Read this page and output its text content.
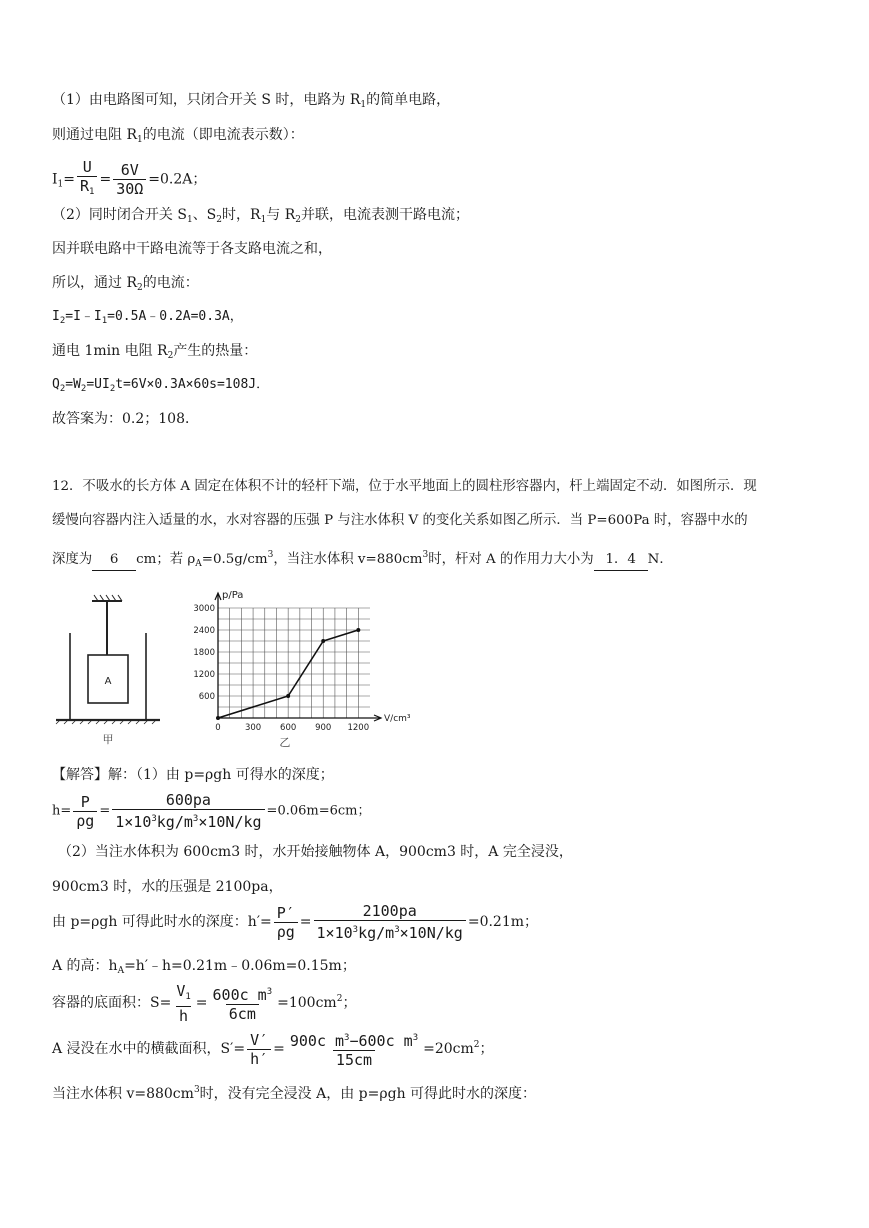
（1）由电路图可知，只闭合开关 S 时，电路为 $R_1$的简单电路，
则通过电阻 $R_1$的电流（即电流表示数）：
$I_1= \frac{U}{R_1} = \frac{6V}{30\Omega} =0.2A$；
（2）同时闭合开关 $S_1$、$S_2$时，$R_1$与 $R_2$并联，电流表测干路电流；
因并联电路中干路电流等于各支路电流之和，
所以，通过 $R_2$的电流：
$I_2=I﹣I_1=0.5A﹣0.2A=0.3A$，
通电 1min 电阻 $R_2$产生的热量：
$Q_2=W_2=UI_2t=6V\times 0.3A\times 60s=108J$．
故答案为：0.2；108．
12．不吸水的长方体 A 固定在体积不计的轻杆下端，位于水平地面上的圆柱形容器内，杆上端固定不动．如图所示．现
缓慢向容器内注入适量的水，水对容器的压强 P 与注水体积 V 的变化关系如图乙所示．当 P=600Pa 时，容器中水的
深度为 6 cm；若 $\rho_A=0.5g/cm^3$，当注水体积 $v=880cm^3$时，杆对 A 的作用力大小为 1．4 N．
A
甲
0	300 600 900 1200
600
1200
1800
2400
3000
p/Pa
V/cm³
乙
【解答】解：（1）由 p=ρgh 可得水的深度；
$h= \frac{P}{\rho g} = \frac{600pa}{1\times 10^3kg/m^3\times 10N/kg} =0.06m=6cm$；
（2）当注水体积为 600cm3 时，水开始接触物体 A，900cm3 时，A 完全浸没，
900cm3 时，水的压强是 2100pa，
由 p=ρgh 可得此时水的深度：$h'= \frac{P'}{\rho g} = \frac{2100pa}{1\times 10^3kg/m^3\times 10N/kg} =0.21m$；
A 的高：$h_A=h'﹣h=0.21m﹣0.06m=0.15m$；
容器的底面积：$S= \frac{V_1}{h} = \frac{600c m^3}{6cm} =100cm^2$；
A 浸没在水中的横截面积，$S'= \frac{V'}{h'} = \frac{900c m^3-600c m^3}{15cm} =20cm^2$；
当注水体积 $v=880cm^3$时，没有完全浸没 A，由 p=ρgh 可得此时水的深度：
